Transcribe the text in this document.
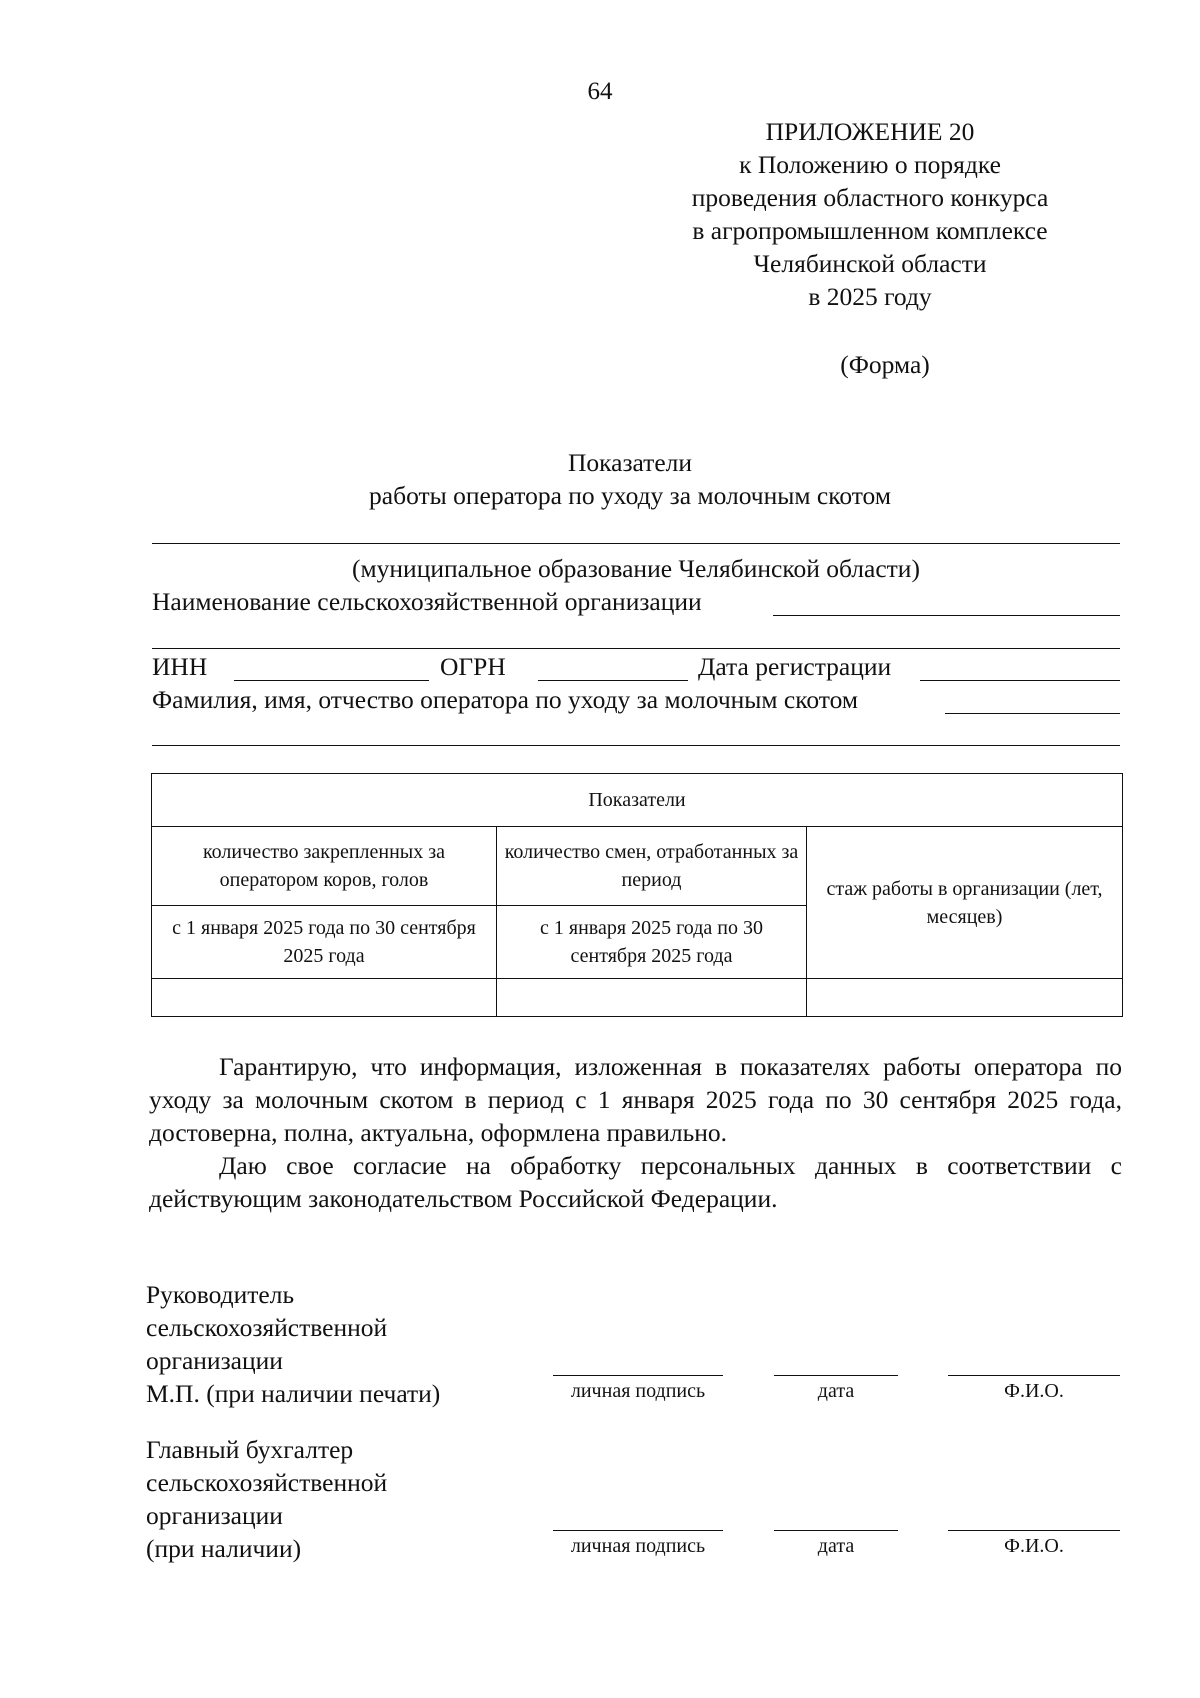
64
ПРИЛОЖЕНИЕ 20
к Положению о порядке
проведения областного конкурса
в агропромышленном комплексе
Челябинской области
в 2025 году
(Форма)
Показатели
работы оператора по уходу за молочным скотом
(муниципальное образование Челябинской области)
Наименование сельскохозяйственной организации
ИНН	ОГРН	Дата регистрации
Фамилия, имя, отчество оператора по уходу за молочным скотом
Показатели		
количество закрепленных за оператором коров, голов	количество смен, отработанных за период	стаж работы в организации (лет, месяцев)
с 1 января 2025 года по 30 сентября 2025 года	с 1 января 2025 года по 30 сентября 2025 года	

Гарантирую, что информация, изложенная в показателях работы оператора по уходу за молочным скотом в период с 1 января 2025 года по 30 сентября 2025 года, достоверна, полна, актуальна, оформлена правильно.
Даю свое согласие на обработку персональных данных в соответствии с действующим законодательством Российской Федерации.
Руководитель
сельскохозяйственной
организации
М.П. (при наличии печати)	личная подпись	дата	Ф.И.О.
Главный бухгалтер
сельскохозяйственной
организации
(при наличии)	личная подпись	дата	Ф.И.О.
